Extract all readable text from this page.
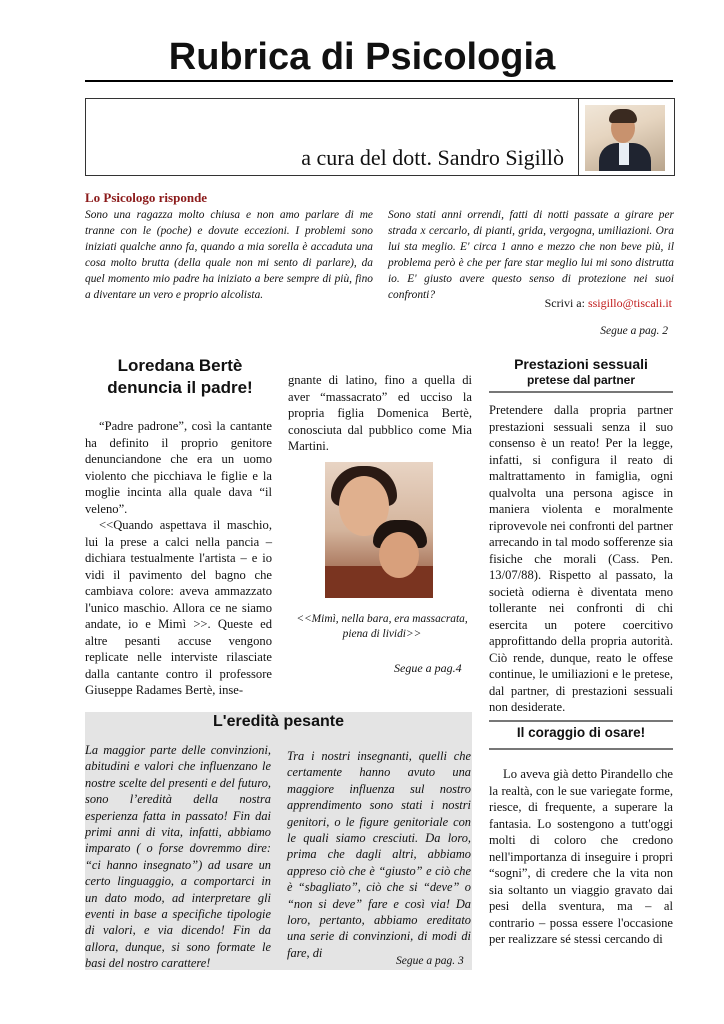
Rubrica di Psicologia
a cura del dott. Sandro Sigillò
Lo Psicologo risponde
Sono una ragazza molto chiusa e non amo parlare di me tranne con le (poche) e dovute eccezioni. I problemi sono iniziati qualche anno fa, quando a mia sorella è accaduta una cosa molto brutta (della quale non mi sento di parlare), da quel momento mio padre ha iniziato a bere sempre di più, fino a diventare un vero e proprio alcolista.
Sono stati anni orrendi, fatti di notti passate a girare per strada x cercarlo, di pianti, grida, vergogna, umiliazioni. Ora lui sta meglio. E' circa 1 anno e mezzo che non beve più, il problema però è che per fare star meglio lui mi sono distrutta io. E' giusto avere questo senso di protezione nei suoi confronti?
Scrivi a: ssigillo@tiscali.it
Segue a pag. 2
Loredana Bertè denuncia il padre!

“Padre padrone”, così la cantante ha definito il proprio genitore denunciandone che era un uomo violento che picchiava le figlie e la moglie incinta alla quale dava “il veleno”.

<<Quando aspettava il maschio, lui la prese a calci nella pancia – dichiara testualmente l'artista – e io vidi il pavimento del bagno che cambiava colore: aveva ammazzato l'unico maschio. Allora ce ne siamo andate, io e Mimì >>. Queste ed altre pesanti accuse vengono replicate nelle interviste rilasciate dalla cantante contro il professore Giuseppe Radames Bertè, inse-

gnante di latino, fino a quella di aver “massacrato” ed ucciso la propria figlia Domenica Bertè, conosciuta dal pubblico come Mia Martini.
<<Mimì, nella bara, era massacrata, piena di lividi>>
Segue a pag.4
Prestazioni sessuali
pretese dal partner
Pretendere dalla propria partner prestazioni sessuali senza il suo consenso è un reato! Per la legge, infatti, si configura il reato di maltrattamento in famiglia, ogni qualvolta una persona agisce in maniera violenta e moralmente riprovevole nei confronti del partner arrecando in tal modo sofferenze sia fisiche che morali (Cass. Pen. 13/07/88). Rispetto al passato, la società odierna è diventata meno tollerante nei confronti di chi esercita un potere coercitivo approfittando della propria autorità. Ciò rende, dunque, reato le offese continue, le umiliazioni e le pretese, dal partner, di prestazioni sessuali non desiderate.
L'eredità pesante
La maggior parte delle convinzioni, abitudini e valori che influenzano le nostre scelte del presenti e del futuro, sono l’eredità della nostra esperienza fatta in passato! Fin dai primi anni di vita, infatti, abbiamo imparato ( o forse dovremmo dire: “ci hanno insegnato”) ad usare un certo linguaggio, a comportarci in un dato modo, ad interpretare gli eventi in base a specifiche tipologie di valori, e via dicendo! Fin da allora, dunque, si sono formate le basi del nostro carattere!
Tra i nostri insegnanti, quelli che certamente hanno avuto una maggiore influenza sul nostro apprendimento sono stati i nostri genitori, o le figure genitoriale con le quali siamo cresciuti. Da loro, prima che dagli altri, abbiamo appreso ciò che è “giusto” e ciò che è “sbagliato”, ciò che si “deve” o “non si deve” fare e così via! Da loro, pertanto, abbiamo ereditato una serie di convinzioni, di modi di fare, di
Segue a pag. 3
Il coraggio di osare!

Lo aveva già detto Pirandello che la realtà, con le sue variegate forme, riesce, di frequente, a superare la fantasia. Lo sostengono a tutt'oggi molti di coloro che credono nell'importanza di inseguire i propri “sogni”, di credere che la vita non sia soltanto un viaggio gravato dai pesi della sventura, ma – al contrario – possa essere l'occasione per realizzare sé stessi cercando di
